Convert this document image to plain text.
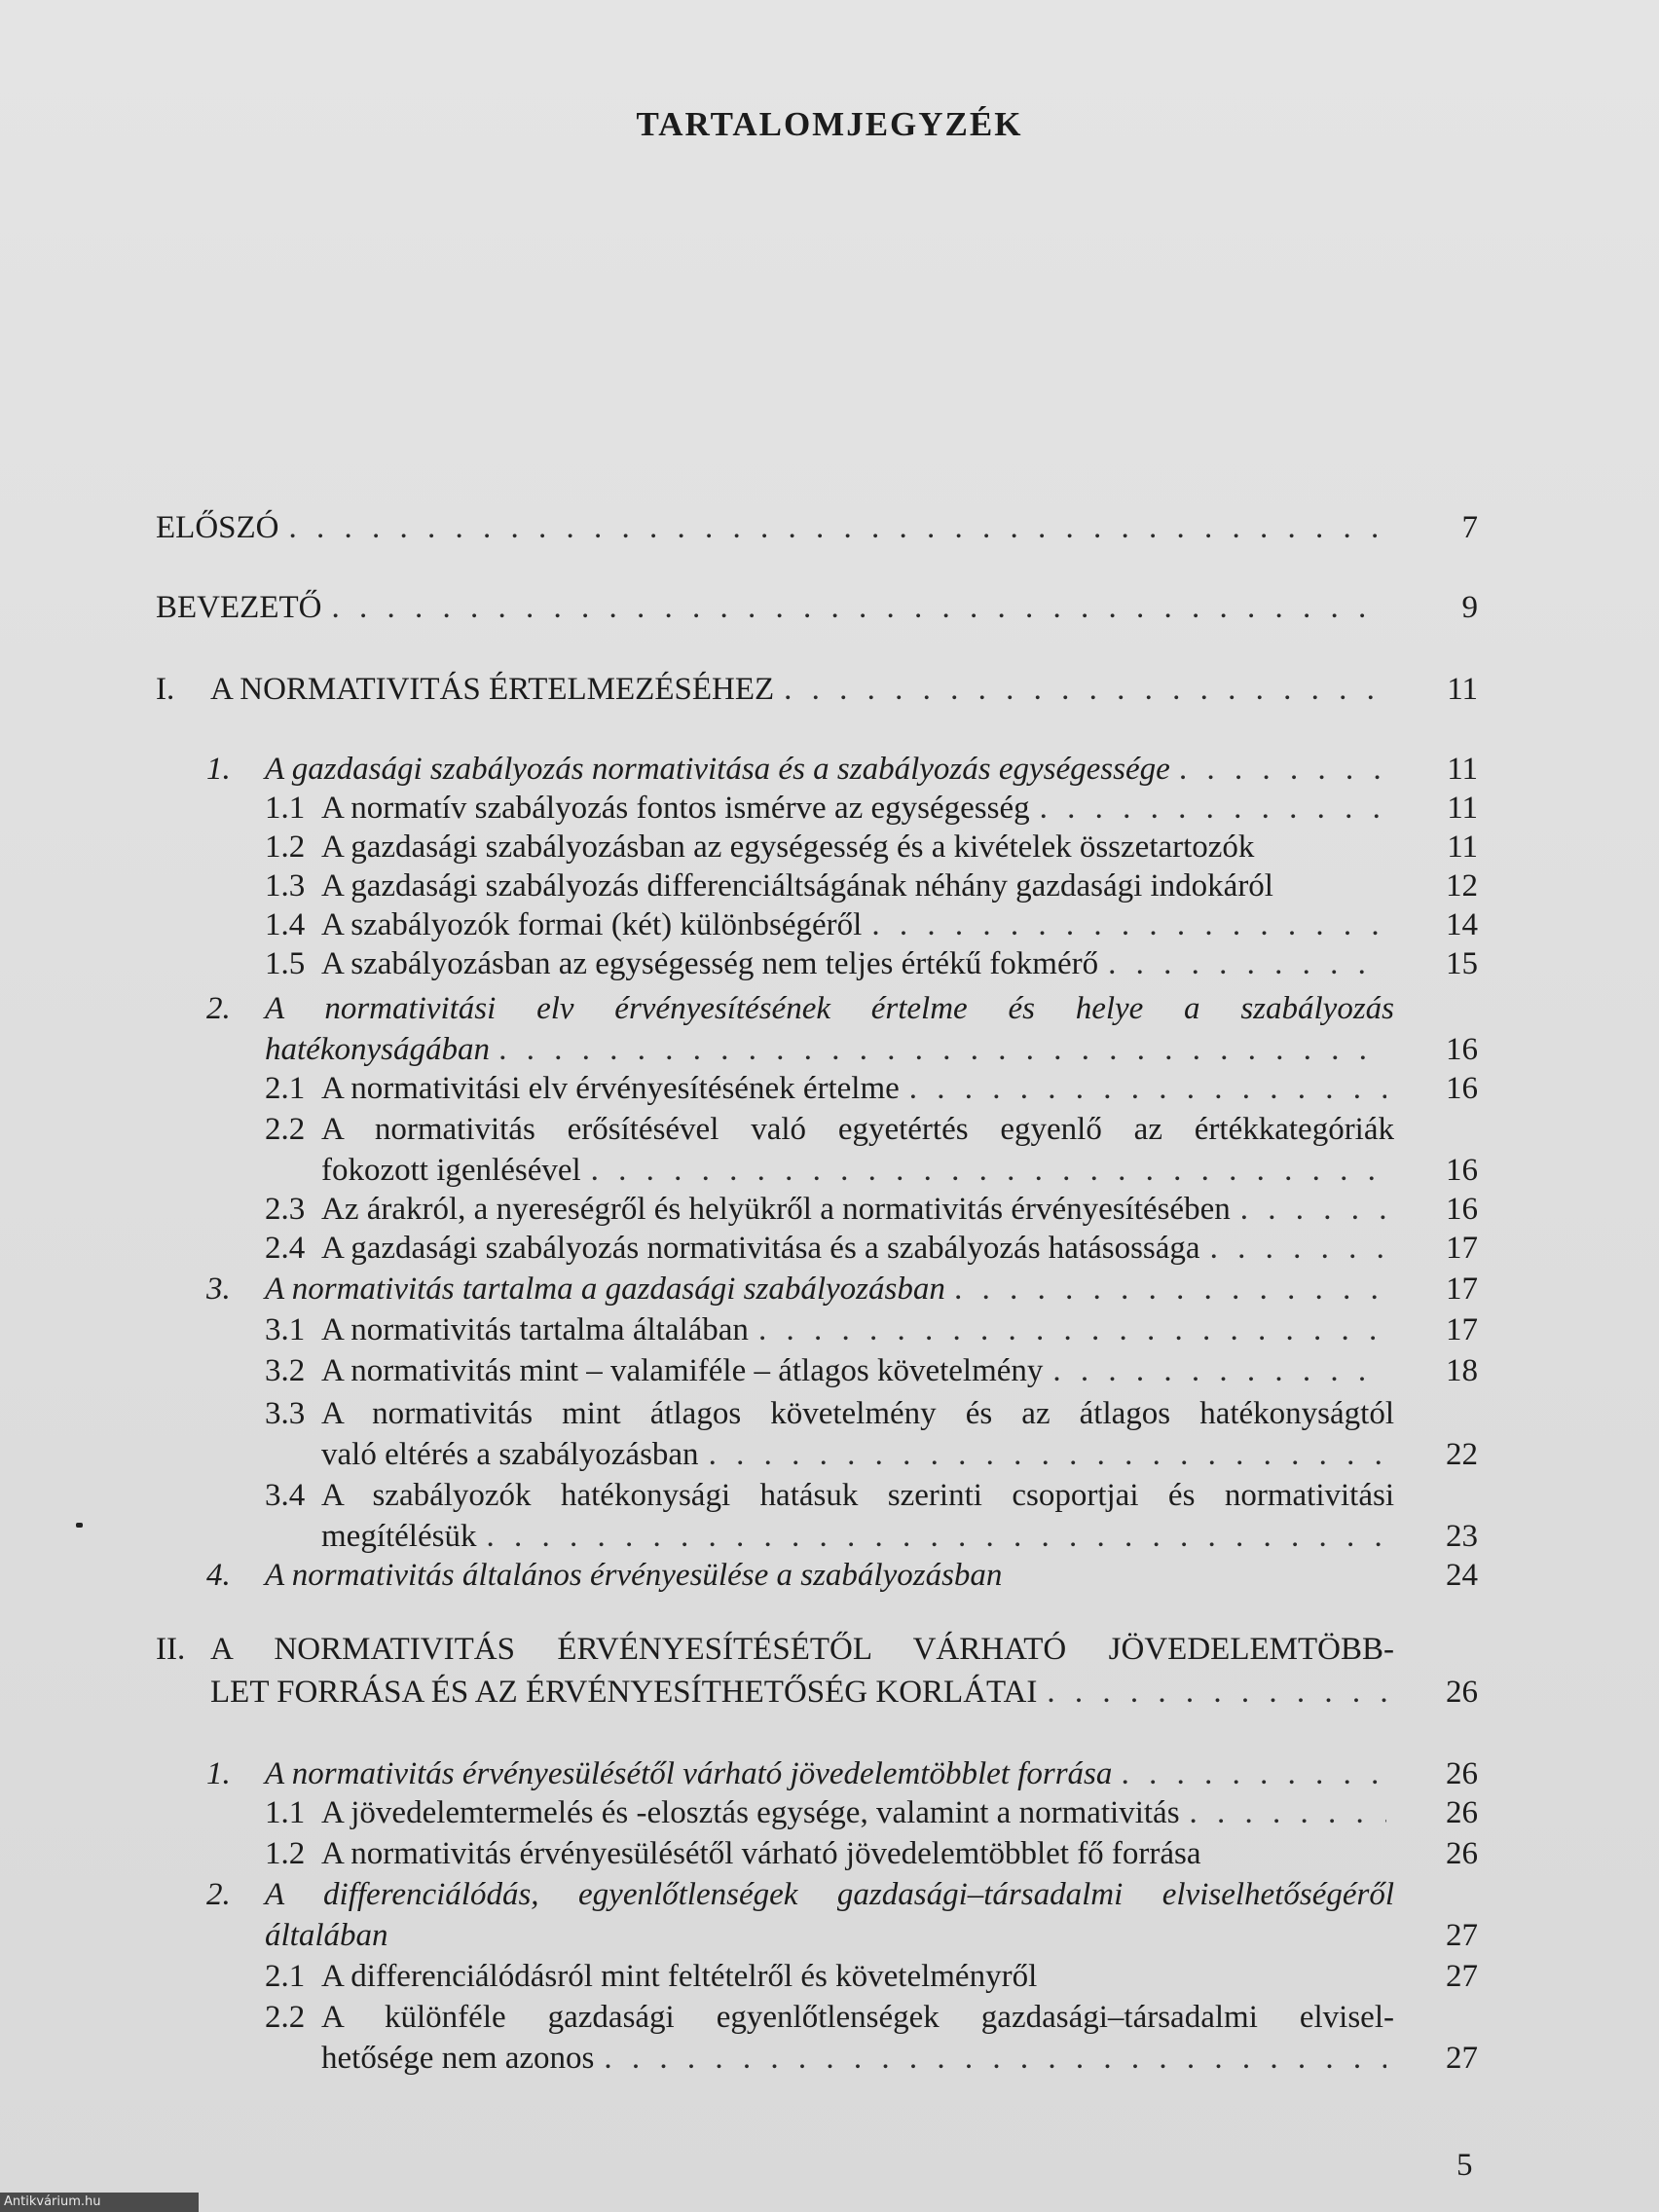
TARTALOMJEGYZÉK
ELŐSZÓ . . .	7
BEVEZETŐ . . .	9
I.	A NORMATIVITÁS ÉRTELMEZÉSÉHEZ . . .	11
1.	A gazdasági szabályozás normativitása és a szabályozás egységessége . . .	11
1.1 A normatív szabályozás fontos ismérve az egységesség . . .	11
1.2 A gazdasági szabályozásban az egységesség és a kivételek összetartozók	11
1.3 A gazdasági szabályozás differenciáltságának néhány gazdasági indokáról	12
1.4 A szabályozók formai (két) különbségéről . . .	14
1.5 A szabályozásban az egységesség nem teljes értékű fokmérő . . .	15
2.	A normativitási elv érvényesítésének értelme és helye a szabályozás
hatékonyságában . . .	16
2.1 A normativitási elv érvényesítésének értelme . . .	16
2.2 A normativitás erősítésével való egyetértés egyenlő az értékkategóriák
fokozott igenlésével . . .	16
2.3 Az árakról, a nyereségről és helyükről a normativitás érvényesítésében . . .	16
2.4 A gazdasági szabályozás normativitása és a szabályozás hatásossága . . .	17
3.	A normativitás tartalma a gazdasági szabályozásban . . .	17
3.1 A normativitás tartalma általában . . .	17
3.2 A normativitás mint – valamiféle – átlagos követelmény . . .	18
3.3 A normativitás mint átlagos követelmény és az átlagos hatékonyságtól
való eltérés a szabályozásban . . .	22
3.4 A szabályozók hatékonysági hatásuk szerinti csoportjai és normativitási
megítélésük . . .	23
4.	A normativitás általános érvényesülése a szabályozásban	24
II. A NORMATIVITÁS ÉRVÉNYESÍTÉSÉTŐL VÁRHATÓ JÖVEDELEMTÖBB-
LET FORRÁSA ÉS AZ ÉRVÉNYESÍTHETŐSÉG KORLÁTAI . . .	26
1.	A normativitás érvényesülésétől várható jövedelemtöbblet forrása . . .	26
1.1 A jövedelemtermelés és -elosztás egysége, valamint a normativitás . . .	26
1.2 A normativitás érvényesülésétől várható jövedelemtöbblet fő forrása	26
2.	A differenciálódás, egyenlőtlenségek gazdasági–társadalmi elviselhetőségéről
általában	27
2.1 A differenciálódásról mint feltételről és követelményről	27
2.2 A különféle gazdasági egyenlőtlenségek gazdasági–társadalmi elvisel-
hetősége nem azonos . . .	27
5
Antikvárium.hu
